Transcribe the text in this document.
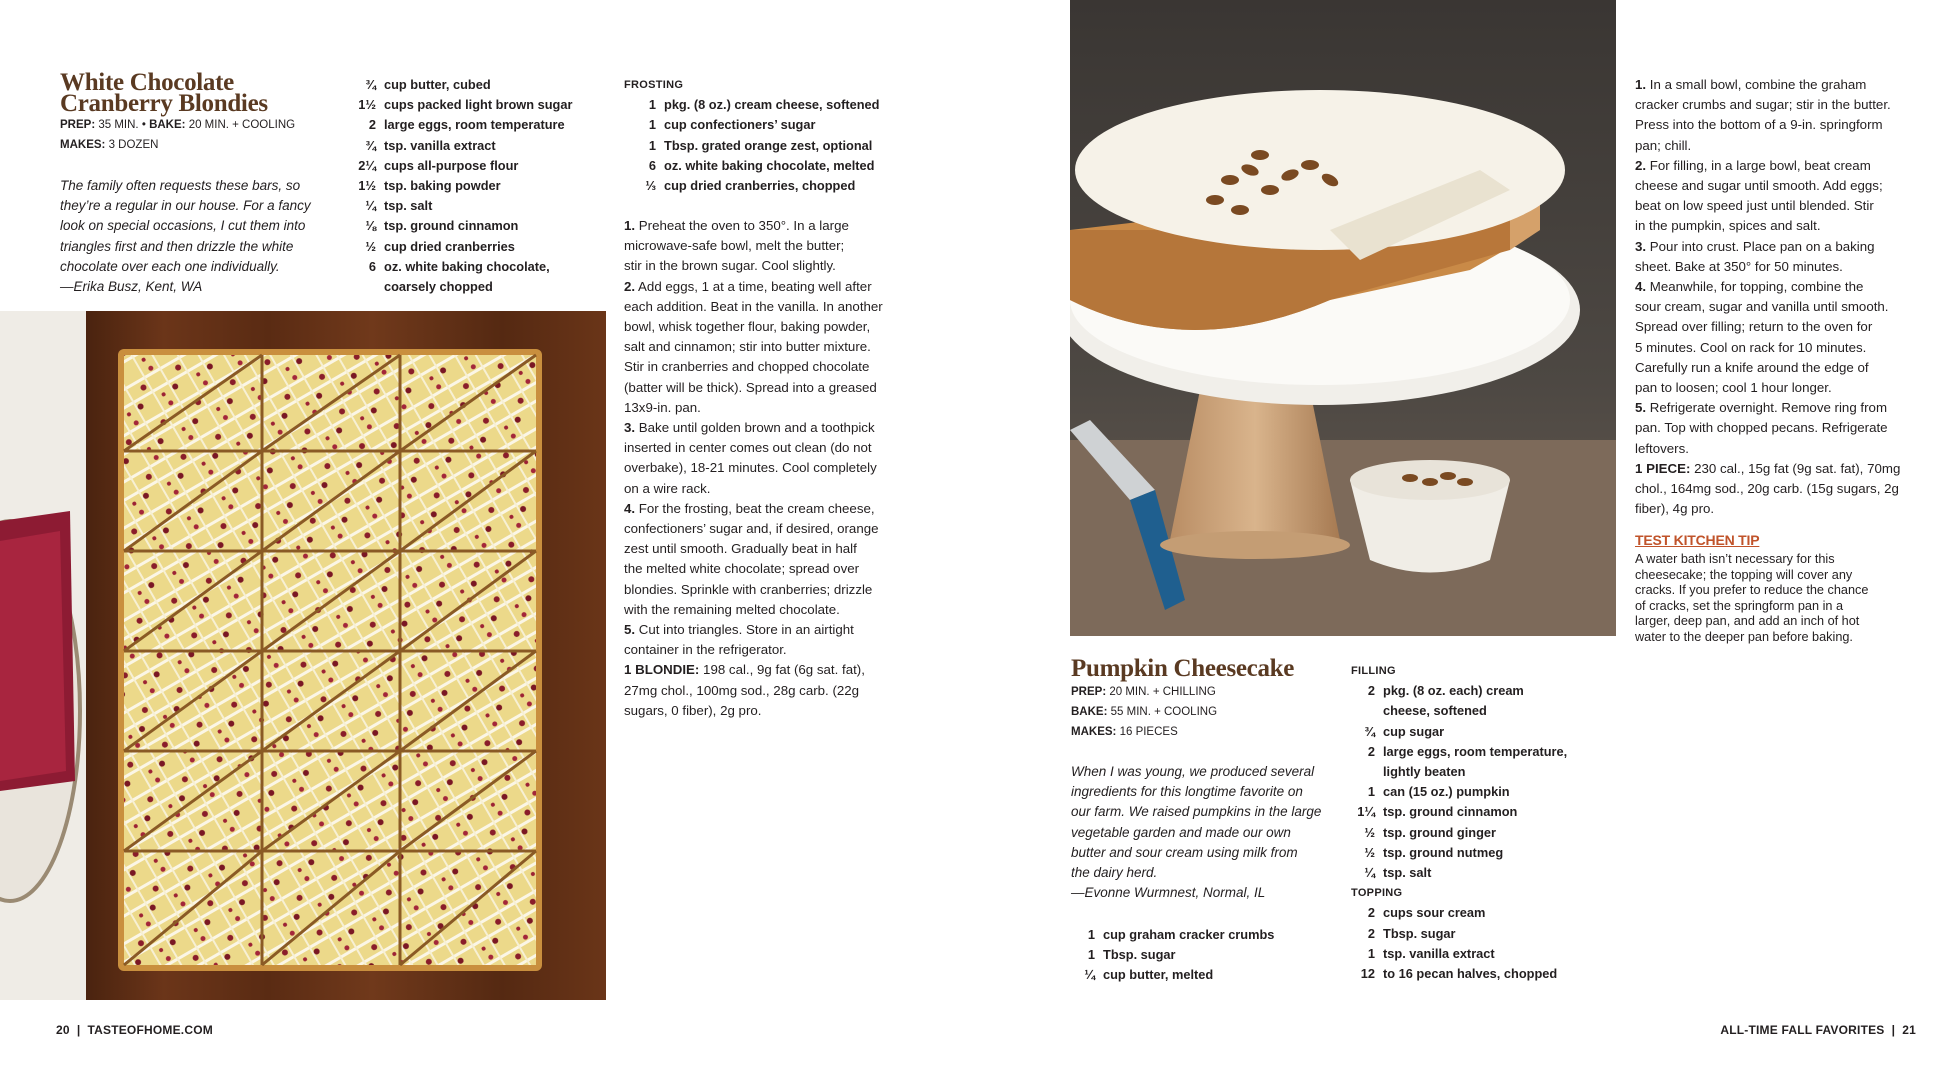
White Chocolate
Cranberry Blondies
PREP: 35 MIN. • BAKE: 20 MIN. + COOLING
MAKES: 3 DOZEN
The family often requests these bars, so
they’re a regular in our house. For a fancy
look on special occasions, I cut them into
triangles first and then drizzle the white
chocolate over each one individually.
—Erika Busz, Kent, WA
¾ cup butter, cubed
1½ cups packed light brown sugar
2 large eggs, room temperature
¾ tsp. vanilla extract
2¼ cups all-purpose flour
1½ tsp. baking powder
¼ tsp. salt
⅛ tsp. ground cinnamon
½ cup dried cranberries
6 oz. white baking chocolate,
coarsely chopped
FROSTING
1 pkg. (8 oz.) cream cheese, softened
1 cup confectioners’ sugar
1 Tbsp. grated orange zest, optional
6 oz. white baking chocolate, melted
⅓ cup dried cranberries, chopped

1. Preheat the oven to 350°. In a large

microwave-safe bowl, melt the butter;

stir in the brown sugar. Cool slightly.

2. Add eggs, 1 at a time, beating well after

each addition. Beat in the vanilla. In another

bowl, whisk together flour, baking powder,

salt and cinnamon; stir into butter mixture.

Stir in cranberries and chopped chocolate

(batter will be thick). Spread into a greased

13x9-in. pan.

3. Bake until golden brown and a toothpick

inserted in center comes out clean (do not

overbake), 18-21 minutes. Cool completely

on a wire rack.

4. For the frosting, beat the cream cheese,

confectioners’ sugar and, if desired, orange

zest until smooth. Gradually beat in half

the melted white chocolate; spread over

blondies. Sprinkle with cranberries; drizzle

with the remaining melted chocolate.

5. Cut into triangles. Store in an airtight

container in the refrigerator.

1 BLONDIE: 198 cal., 9g fat (6g sat. fat),

27mg chol., 100mg sod., 28g carb. (22g

sugars, 0 fiber), 2g pro.

20  |  TASTEOFHOME.COM
Pumpkin Cheesecake
PREP: 20 MIN. + CHILLING
BAKE: 55 MIN. + COOLING
MAKES: 16 PIECES
When I was young, we produced several
ingredients for this longtime favorite on
our farm. We raised pumpkins in the large
vegetable garden and made our own
butter and sour cream using milk from
the dairy herd.
—Evonne Wurmnest, Normal, IL
1 cup graham cracker crumbs
1 Tbsp. sugar
¼ cup butter, melted
FILLING
2 pkg. (8 oz. each) cream
cheese, softened
¾ cup sugar
2 large eggs, room temperature,
lightly beaten
1 can (15 oz.) pumpkin
1¼ tsp. ground cinnamon
½ tsp. ground ginger
½ tsp. ground nutmeg
¼ tsp. salt
TOPPING
2 cups sour cream
2 Tbsp. sugar
1 tsp. vanilla extract
12 to 16 pecan halves, chopped

1. In a small bowl, combine the graham

cracker crumbs and sugar; stir in the butter.

Press into the bottom of a 9-in. springform

pan; chill.

2. For filling, in a large bowl, beat cream

cheese and sugar until smooth. Add eggs;

beat on low speed just until blended. Stir

in the pumpkin, spices and salt.

3. Pour into crust. Place pan on a baking

sheet. Bake at 350° for 50 minutes.

4. Meanwhile, for topping, combine the

sour cream, sugar and vanilla until smooth.

Spread over filling; return to the oven for

5 minutes. Cool on rack for 10 minutes.

Carefully run a knife around the edge of

pan to loosen; cool 1 hour longer.

5. Refrigerate overnight. Remove ring from

pan. Top with chopped pecans. Refrigerate

leftovers.

1 PIECE: 230 cal., 15g fat (9g sat. fat), 70mg

chol., 164mg sod., 20g carb. (15g sugars, 2g

fiber), 4g pro.

TEST KITCHEN TIP
A water bath isn’t necessary for this
cheesecake; the topping will cover any
cracks. If you prefer to reduce the chance
of cracks, set the springform pan in a
larger, deep pan, and add an inch of hot
water to the deeper pan before baking.
ALL-TIME FALL FAVORITES  |  21
